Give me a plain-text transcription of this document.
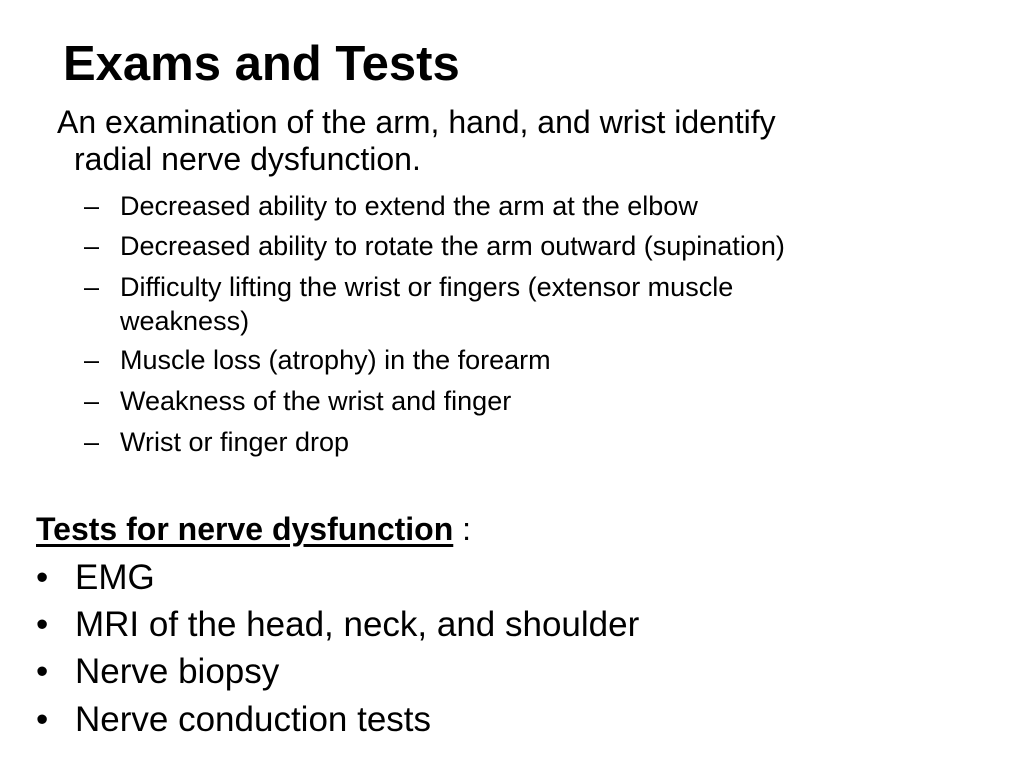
Exams and Tests

An examination of the arm, hand, and wrist identify
radial nerve dysfunction.

– Decreased ability to extend the arm at the elbow
– Decreased ability to rotate the arm outward (supination)
– Difficulty lifting the wrist or fingers (extensor muscle
weakness)
– Muscle loss (atrophy) in the forearm
– Weakness of the wrist and finger
– Wrist or finger drop

Tests for nerve dysfunction :

• EMG
• MRI of the head, neck, and shoulder
• Nerve biopsy
• Nerve conduction tests
